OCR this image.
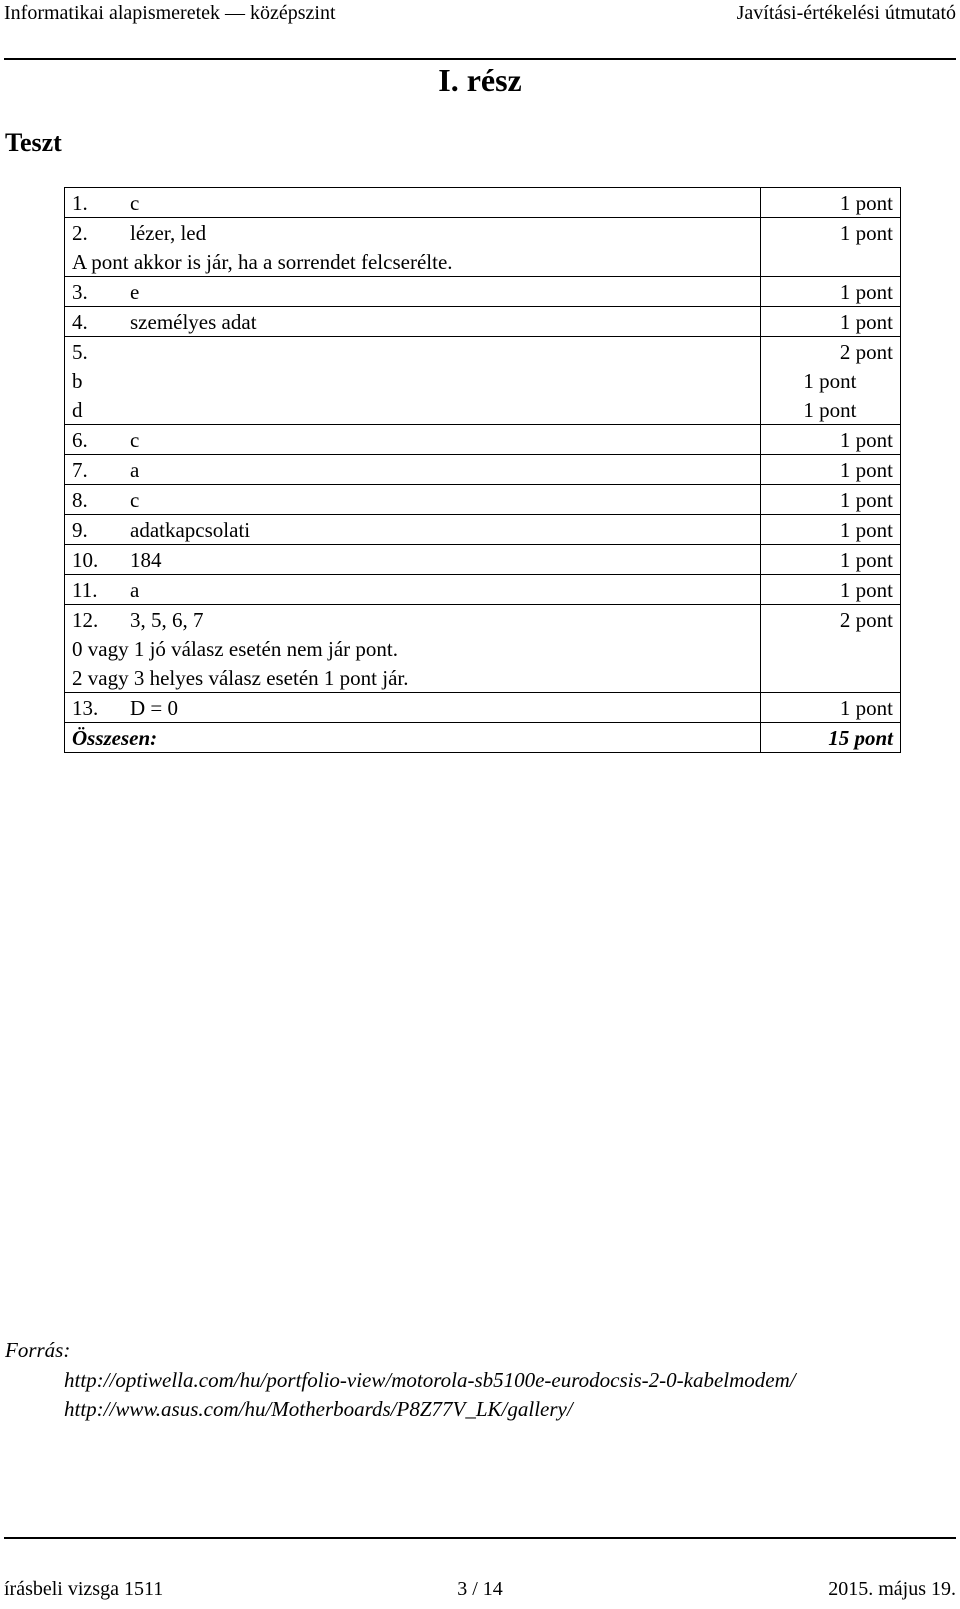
Informatikai alapismeretek — középszint	Javítási-értékelési útmutató
I. rész
Teszt
1. c	1 pont
2. lézer, led	1 pont
A pont akkor is jár, ha a sorrendet felcserélte.	
3. e	1 pont
4. személyes adat	1 pont
5.	2 pont
b 1 pont	

d 1 pont	

6. c	1 pont
7. a	1 pont
8. c	1 pont
9. adatkapcsolati	1 pont
10. 184	1 pont
11. a	1 pont
12. 3, 5, 6, 7	2 pont
0 vagy 1 jó válasz esetén nem jár pont.	
2 vagy 3 helyes válasz esetén 1 pont jár.	
13. D = 0	1 pont
Összesen:	15 pont
Forrás:
http://optiwella.com/hu/portfolio-view/motorola-sb5100e-eurodocsis-2-0-kabelmodem/
http://www.asus.com/hu/Motherboards/P8Z77V_LK/gallery/
írásbeli vizsga 1511	3 / 14	2015. május 19.
